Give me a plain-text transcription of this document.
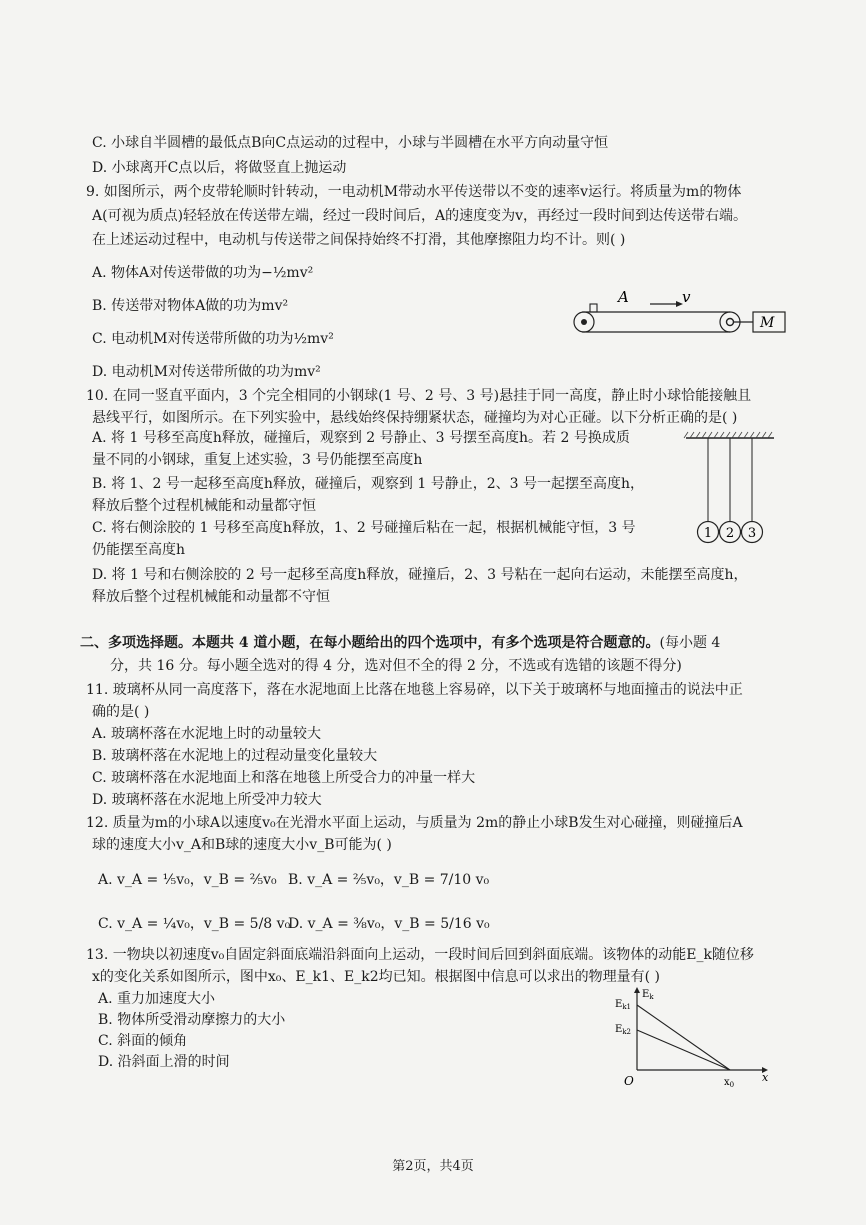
C. 小球自半圆槽的最低点B向C点运动的过程中，小球与半圆槽在水平方向动量守恒
D. 小球离开C点以后，将做竖直上抛运动
9. 如图所示，两个皮带轮顺时针转动，一电动机M带动水平传送带以不变的速率v运行。将质量为m的物体
A(可视为质点)轻轻放在传送带左端，经过一段时间后，A的速度变为v，再经过一段时间到达传送带右端。
在上述运动过程中，电动机与传送带之间保持始终不打滑，其他摩擦阻力均不计。则( )
A. 物体A对传送带做的功为−½mv²
B. 传送带对物体A做的功为mv²
C. 电动机M对传送带所做的功为½mv²
D. 电动机M对传送带所做的功为mv²
M
A	v
10. 在同一竖直平面内，3 个完全相同的小钢球(1 号、2 号、3 号)悬挂于同一高度，静止时小球恰能接触且
悬线平行，如图所示。在下列实验中，悬线始终保持绷紧状态，碰撞均为对心正碰。以下分析正确的是( )
A. 将 1 号移至高度h释放，碰撞后，观察到 2 号静止、3 号摆至高度h。若 2 号换成质
量不同的小钢球，重复上述实验，3 号仍能摆至高度h
B. 将 1、2 号一起移至高度h释放，碰撞后，观察到 1 号静止，2、3 号一起摆至高度h，
释放后整个过程机械能和动量都守恒
C. 将右侧涂胶的 1 号移至高度h释放，1、2 号碰撞后粘在一起，根据机械能守恒，3 号
仍能摆至高度h
D. 将 1 号和右侧涂胶的 2 号一起移至高度h释放，碰撞后，2、3 号粘在一起向右运动，未能摆至高度h，
释放后整个过程机械能和动量都不守恒
1 2 3
二、多项选择题。本题共 4 道小题，在每小题给出的四个选项中，有多个选项是符合题意的。(每小题 4
分，共 16 分。每小题全选对的得 4 分，选对但不全的得 2 分，不选或有选错的该题不得分)
11. 玻璃杯从同一高度落下，落在水泥地面上比落在地毯上容易碎，以下关于玻璃杯与地面撞击的说法中正
确的是( )
A. 玻璃杯落在水泥地上时的动量较大
B. 玻璃杯落在水泥地上的过程动量变化量较大
C. 玻璃杯落在水泥地面上和落在地毯上所受合力的冲量一样大
D. 玻璃杯落在水泥地上所受冲力较大
12. 质量为m的小球A以速度v₀在光滑水平面上运动，与质量为 2m的静止小球B发生对心碰撞，则碰撞后A
球的速度大小v_A和B球的速度大小v_B可能为( )
A. v_A = ⅕v₀，v_B = ⅖v₀ B. v_A = ⅖v₀，v_B = 7/10 v₀
C. v_A = ¼v₀，v_B = 5/8 v₀
D. v_A = ⅜v₀，v_B = 5/16 v₀
13. 一物块以初速度v₀自固定斜面底端沿斜面向上运动，一段时间后回到斜面底端。该物体的动能E_k随位移
x的变化关系如图所示，图中x₀、E_k1、E_k2均已知。根据图中信息可以求出的物理量有( )
A. 重力加速度大小
B. 物体所受滑动摩擦力的大小
C. 斜面的倾角
D. 沿斜面上滑的时间
$E_k$
$E_{k1}$
$E_{k2}$
O	$x_0$
x
第2页，共4页
